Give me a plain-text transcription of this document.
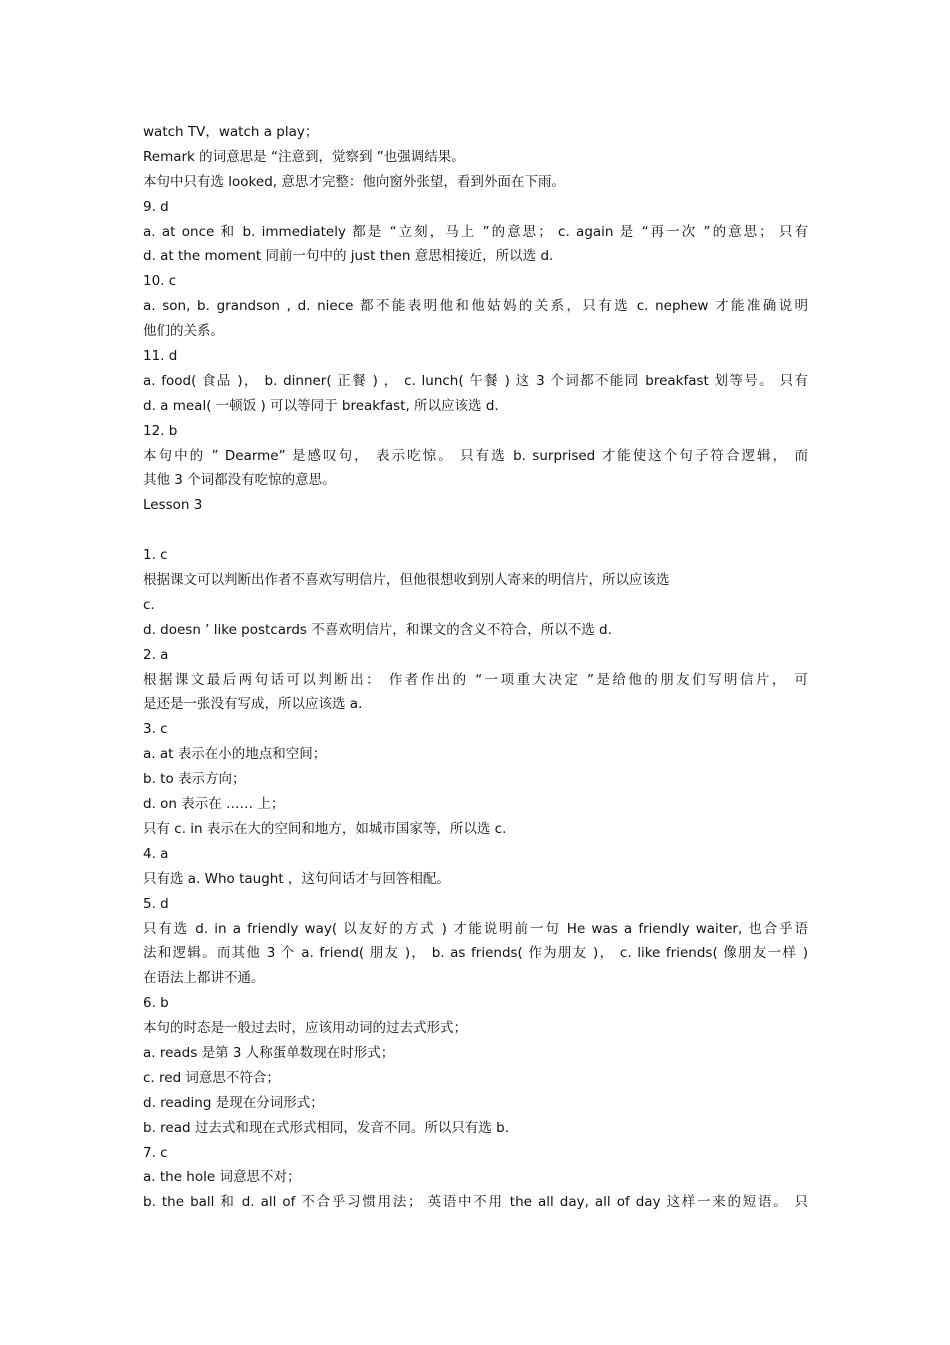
watch TV，watch a play；
Remark 的词意思是 “注意到，觉察到 ”也强调结果。
本句中只有选 looked, 意思才完整：他向窗外张望，看到外面在下雨。
9. d
a. at once 和 b. immediately 都是 “立刻，马上 ”的意思； c. again 是 “再一次 ”的意思； 只有
d. at the moment 同前一句中的 just then 意思相接近，所以选 d.
10. c
a. son, b. grandson , d. niece 都不能表明他和他姑妈的关系，只有选 c. nephew 才能准确说明
他们的关系。
11. d
a. food( 食品 )， b. dinner( 正餐 ) ， c. lunch( 午餐 ) 这 3 个词都不能同 breakfast 划等号。 只有
d. a meal( 一顿饭 ) 可以等同于 breakfast, 所以应该选 d.
12. b
本句中的 ” Dearme” 是感叹句， 表示吃惊。 只有选 b. surprised 才能使这个句子符合逻辑， 而
其他 3 个词都没有吃惊的意思。
Lesson 3
1. c
根据课文可以判断出作者不喜欢写明信片，但他很想收到别人寄来的明信片，所以应该选
c.
d. doesn ’ like postcards 不喜欢明信片，和课文的含义不符合，所以不选 d.
2. a
根据课文最后两句话可以判断出： 作者作出的 “一项重大决定 ”是给他的朋友们写明信片， 可
是还是一张没有写成，所以应该选 a.
3. c
a. at 表示在小的地点和空间；
b. to 表示方向；
d. on 表示在 …… 上；
只有 c. in 表示在大的空间和地方，如城市国家等，所以选 c.
4. a
只有选 a. Who taught ，这句问话才与回答相配。
5. d
只有选 d. in a friendly way( 以友好的方式 ) 才能说明前一句 He was a friendly waiter, 也合乎语
法和逻辑。而其他 3 个 a. friend( 朋友 )， b. as friends( 作为朋友 )， c. like friends( 像朋友一样 )
在语法上都讲不通。
6. b
本句的时态是一般过去时，应该用动词的过去式形式；
a. reads 是第 3 人称蛋单数现在时形式；
c. red 词意思不符合；
d. reading 是现在分词形式；
b. read 过去式和现在式形式相同，发音不同。所以只有选 b.
7. c
a. the hole 词意思不对；
b. the ball 和 d. all of 不合乎习惯用法； 英语中不用 the all day, all of day 这样一来的短语。 只
